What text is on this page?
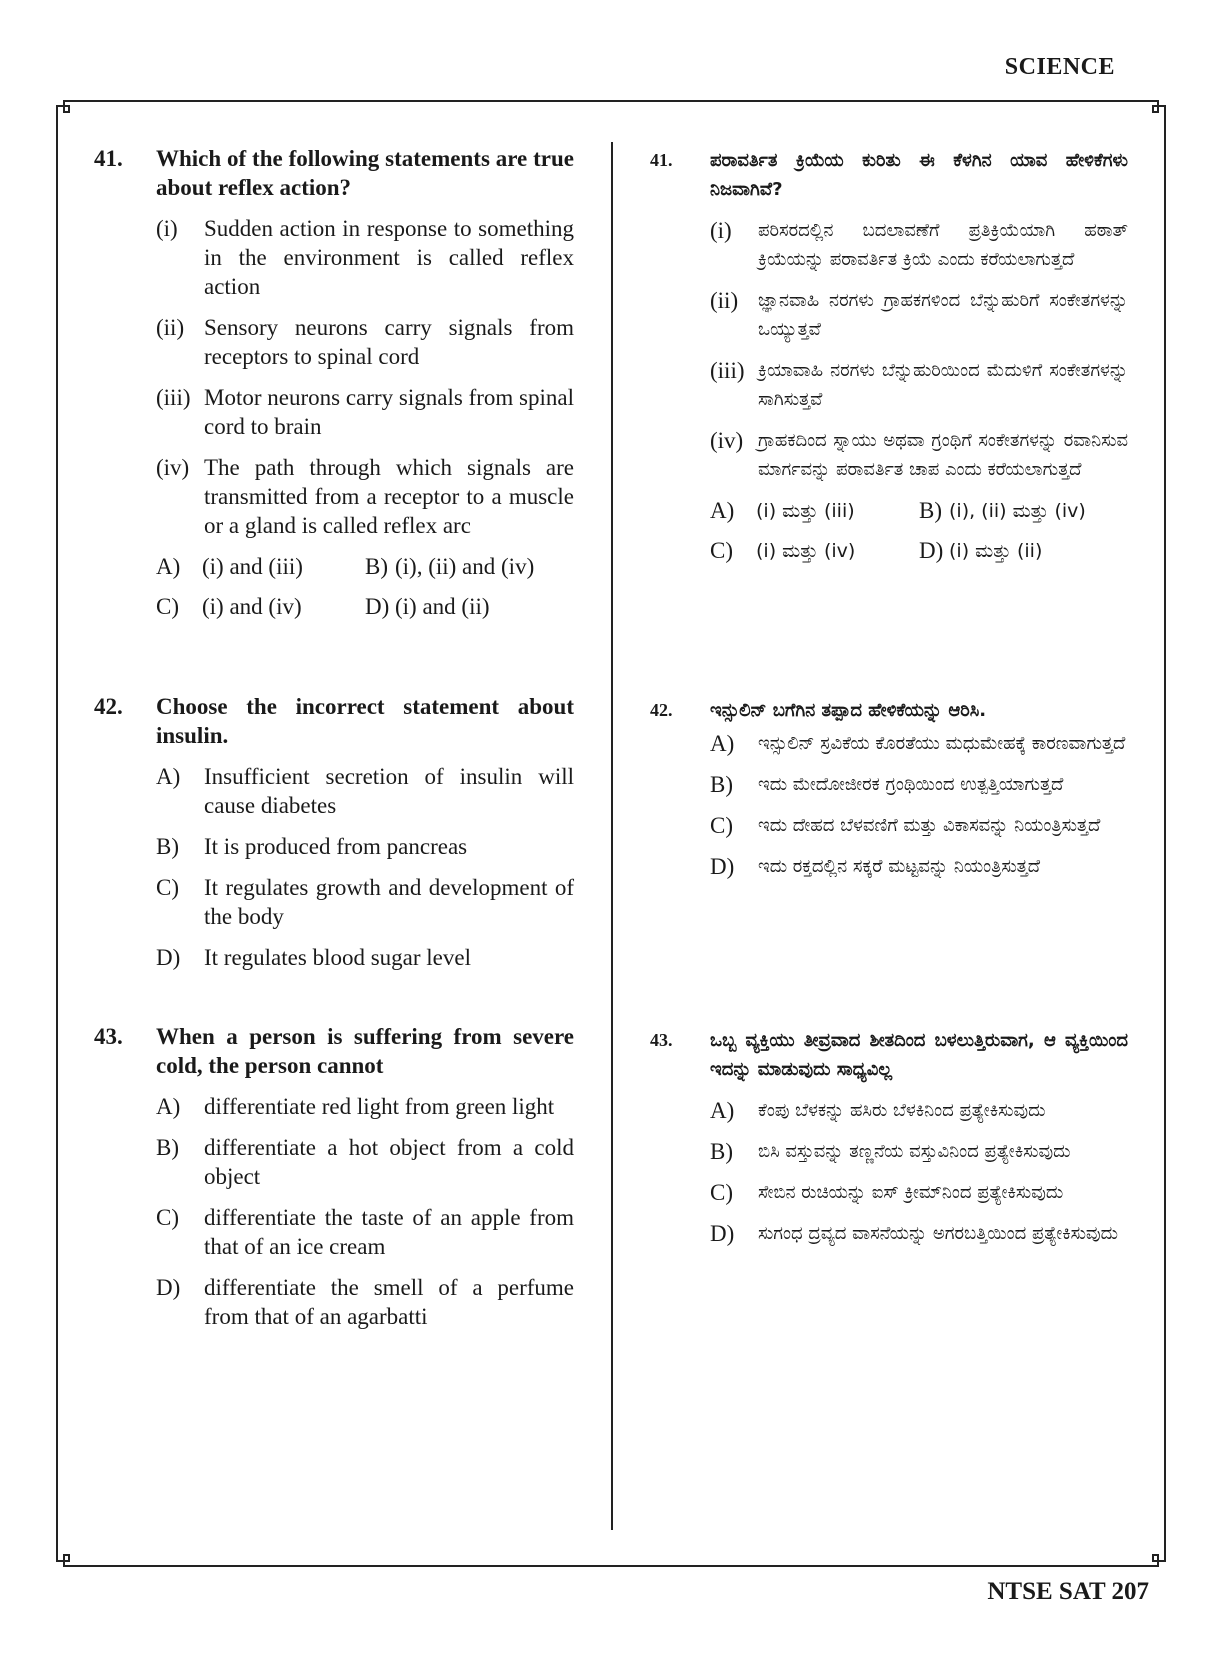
SCIENCE
41.	Which of the following statements are true about reflex action?
(i)	Sudden action in response to something in the environment is called reflex action
(ii) Sensory neurons carry signals from receptors to spinal cord
(iii) Motor neurons carry signals from spinal cord to brain
(iv) The path through which signals are transmitted from a receptor to a muscle or a gland is called reflex arc
A) (i) and (iii)	B) (i), (ii) and (iv)
C)	(i) and (iv)	D) (i) and (ii)
42.	Choose the incorrect statement about insulin.
A)	Insufficient secretion of insulin will cause diabetes
B)	It is produced from pancreas
C)	It regulates growth and development of the body
D)	It regulates blood sugar level
43.	When a person is suffering from severe cold, the person cannot
A)	differentiate red light from green light
B)	differentiate a hot object from a cold object
C)	differentiate the taste of an apple from that of an ice cream
D)	differentiate the smell of a perfume from that of an agarbatti
41.	ಪರಾವರ್ತಿತ ಕ್ರಿಯೆಯ ಕುರಿತು ಈ ಕೆಳಗಿನ ಯಾವ ಹೇಳಿಕೆಗಳು ನಿಜವಾಗಿವೆ?
(i)	ಪರಿಸರದಲ್ಲಿನ ಬದಲಾವಣೆಗೆ ಪ್ರತಿಕ್ರಿಯೆಯಾಗಿ ಹಠಾತ್ ಕ್ರಿಯೆಯನ್ನು ಪರಾವರ್ತಿತ ಕ್ರಿಯೆ ಎಂದು ಕರೆಯಲಾಗುತ್ತದೆ
(ii)	ಜ್ಞಾನವಾಹಿ ನರಗಳು ಗ್ರಾಹಕಗಳಿಂದ ಬೆನ್ನುಹುರಿಗೆ ಸಂಕೇತಗಳನ್ನು ಒಯ್ಯುತ್ತವೆ
(iii) ಕ್ರಿಯಾವಾಹಿ ನರಗಳು ಬೆನ್ನುಹುರಿಯಿಂದ ಮೆದುಳಿಗೆ ಸಂಕೇತಗಳನ್ನು ಸಾಗಿಸುತ್ತವೆ
(iv) ಗ್ರಾಹಕದಿಂದ ಸ್ನಾಯು ಅಥವಾ ಗ್ರಂಥಿಗೆ ಸಂಕೇತಗಳನ್ನು ರವಾನಿಸುವ ಮಾರ್ಗವನ್ನು ಪರಾವರ್ತಿತ ಚಾಪ ಎಂದು ಕರೆಯಲಾಗುತ್ತದೆ
A)	(i) ಮತ್ತು (iii)	B) (i), (ii) ಮತ್ತು (iv)
C)	(i) ಮತ್ತು (iv)	D) (i) ಮತ್ತು (ii)
42.	ಇನ್ಸುಲಿನ್ ಬಗೆಗಿನ ತಪ್ಪಾದ ಹೇಳಿಕೆಯನ್ನು ಆರಿಸಿ.
A)	ಇನ್ಸುಲಿನ್ ಸ್ರವಿಕೆಯ ಕೊರತೆಯು ಮಧುಮೇಹಕ್ಕೆ ಕಾರಣವಾಗುತ್ತದೆ
B)	ಇದು ಮೇದೋಜೀರಕ ಗ್ರಂಥಿಯಿಂದ ಉತ್ಪತ್ತಿಯಾಗುತ್ತದೆ
C)	ಇದು ದೇಹದ ಬೆಳವಣಿಗೆ ಮತ್ತು ವಿಕಾಸವನ್ನು ನಿಯಂತ್ರಿಸುತ್ತದೆ
D)	ಇದು ರಕ್ತದಲ್ಲಿನ ಸಕ್ಕರೆ ಮಟ್ಟವನ್ನು ನಿಯಂತ್ರಿಸುತ್ತದೆ
43.	ಒಬ್ಬ ವ್ಯಕ್ತಿಯು ತೀವ್ರವಾದ ಶೀತದಿಂದ ಬಳಲುತ್ತಿರುವಾಗ, ಆ ವ್ಯಕ್ತಿಯಿಂದ ಇದನ್ನು ಮಾಡುವುದು ಸಾಧ್ಯವಿಲ್ಲ
A)	ಕೆಂಪು ಬೆಳಕನ್ನು ಹಸಿರು ಬೆಳಕಿನಿಂದ ಪ್ರತ್ಯೇಕಿಸುವುದು
B)	ಬಿಸಿ ವಸ್ತುವನ್ನು ತಣ್ಣನೆಯ ವಸ್ತುವಿನಿಂದ ಪ್ರತ್ಯೇಕಿಸುವುದು
C)	ಸೇಬಿನ ರುಚಿಯನ್ನು ಐಸ್ ಕ್ರೀಮ್‌ನಿಂದ ಪ್ರತ್ಯೇಕಿಸುವುದು
D)	ಸುಗಂಧ ದ್ರವ್ಯದ ವಾಸನೆಯನ್ನು ಅಗರಬತ್ತಿಯಿಂದ ಪ್ರತ್ಯೇಕಿಸುವುದು
NTSE SAT 207
